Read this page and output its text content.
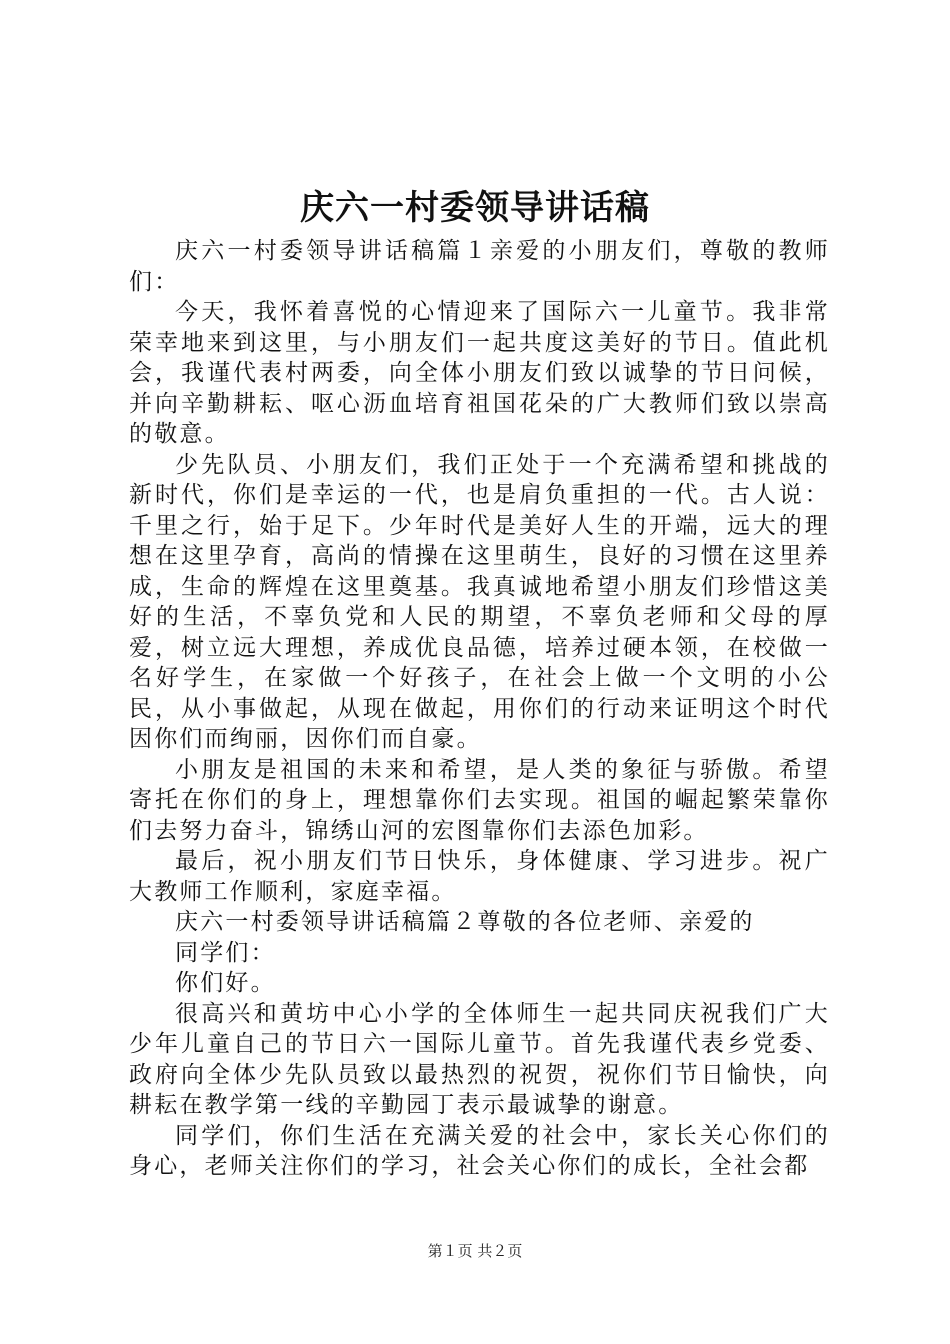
庆六一村委领导讲话稿

庆六一村委领导讲话稿篇１亲爱的小朋友们，尊敬的教师们：

今天，我怀着喜悦的心情迎来了国际六一儿童节。我非常荣幸地来到这里，与小朋友们一起共度这美好的节日。值此机会，我谨代表村两委，向全体小朋友们致以诚挚的节日问候，并向辛勤耕耘、呕心沥血培育祖国花朵的广大教师们致以崇高的敬意。

少先队员、小朋友们，我们正处于一个充满希望和挑战的新时代，你们是幸运的一代，也是肩负重担的一代。古人说：千里之行，始于足下。少年时代是美好人生的开端，远大的理想在这里孕育，高尚的情操在这里萌生，良好的习惯在这里养成，生命的辉煌在这里奠基。我真诚地希望小朋友们珍惜这美好的生活，不辜负党和人民的期望，不辜负老师和父母的厚爱，树立远大理想，养成优良品德，培养过硬本领，在校做一名好学生，在家做一个好孩子，在社会上做一个文明的小公民，从小事做起，从现在做起，用你们的行动来证明这个时代因你们而绚丽，因你们而自豪。

小朋友是祖国的未来和希望，是人类的象征与骄傲。希望寄托在你们的身上，理想靠你们去实现。祖国的崛起繁荣靠你们去努力奋斗，锦绣山河的宏图靠你们去添色加彩。

最后，祝小朋友们节日快乐，身体健康、学习进步。祝广大教师工作顺利，家庭幸福。

庆六一村委领导讲话稿篇２尊敬的各位老师、亲爱的

同学们：

你们好。

很高兴和黄坊中心小学的全体师生一起共同庆祝我们广大少年儿童自己的节日六一国际儿童节。首先我谨代表乡党委、政府向全体少先队员致以最热烈的祝贺，祝你们节日愉快，向耕耘在教学第一线的辛勤园丁表示最诚挚的谢意。

同学们，你们生活在充满关爱的社会中，家长关心你们的身心，老师关注你们的学习，社会关心你们的成长，全社会都

第１页 共２页
